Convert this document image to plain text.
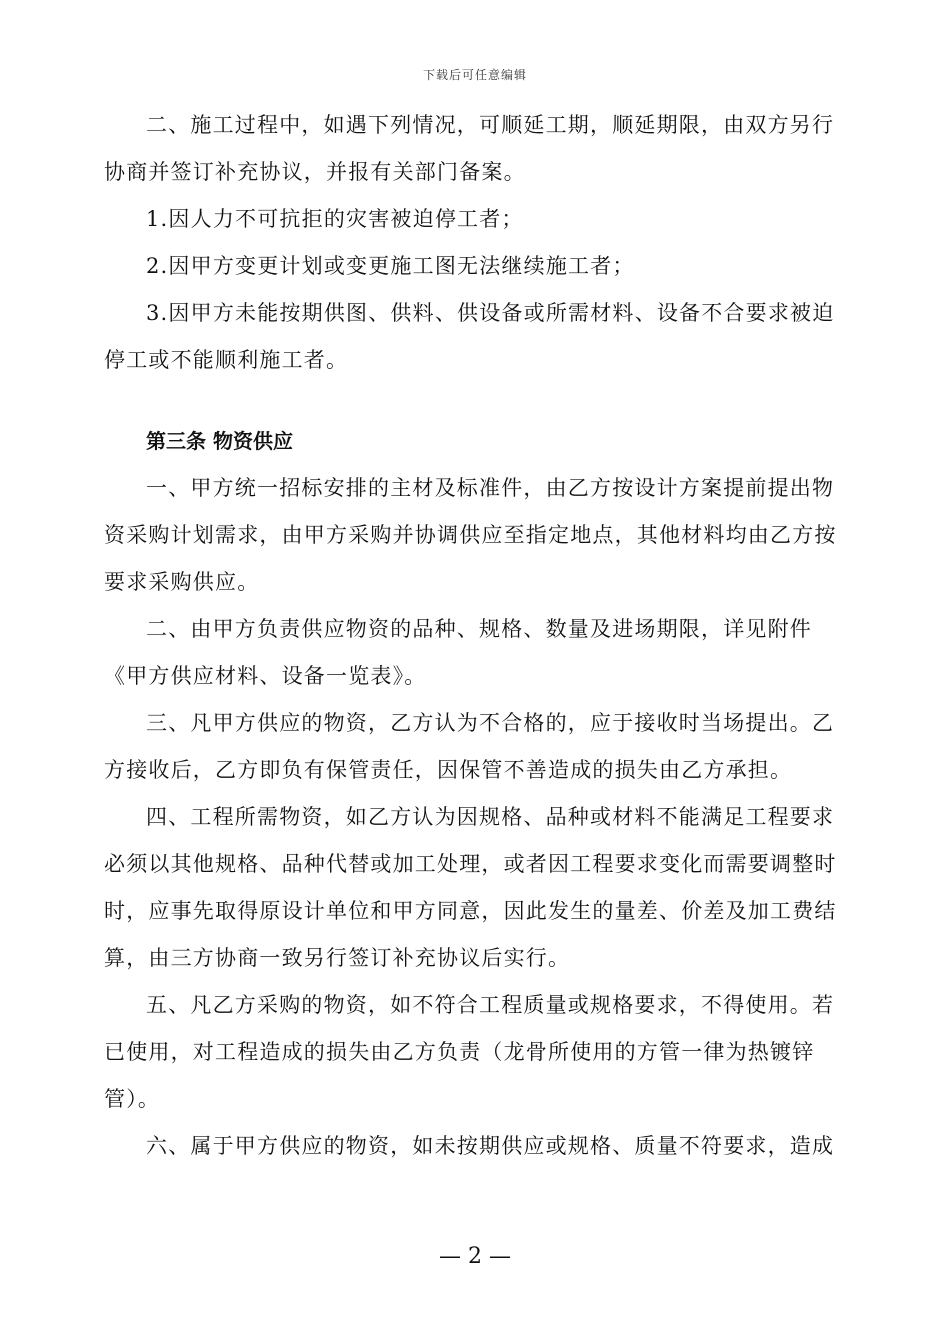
下载后可任意编辑

二、施工过程中，如遇下列情况，可顺延工期，顺延期限，由双方另行
协商并签订补充协议，并报有关部门备案。

1.因人力不可抗拒的灾害被迫停工者；

2.因甲方变更计划或变更施工图无法继续施工者；

3.因甲方未能按期供图、供料、供设备或所需材料、设备不合要求被迫
停工或不能顺利施工者。

第三条 物资供应

一、甲方统一招标安排的主材及标准件，由乙方按设计方案提前提出物
资采购计划需求，由甲方采购并协调供应至指定地点，其他材料均由乙方按
要求采购供应。

二、由甲方负责供应物资的品种、规格、数量及进场期限，详见附件
《甲方供应材料、设备一览表》。

三、凡甲方供应的物资，乙方认为不合格的，应于接收时当场提出。乙
方接收后，乙方即负有保管责任，因保管不善造成的损失由乙方承担。

四、工程所需物资，如乙方认为因规格、品种或材料不能满足工程要求
必须以其他规格、品种代替或加工处理，或者因工程要求变化而需要调整时
时，应事先取得原设计单位和甲方同意，因此发生的量差、价差及加工费结
算，由三方协商一致另行签订补充协议后实行。

五、凡乙方采购的物资，如不符合工程质量或规格要求，不得使用。若
已使用，对工程造成的损失由乙方负责（龙骨所使用的方管一律为热镀锌
管）。

六、属于甲方供应的物资，如未按期供应或规格、质量不符要求，造成

— 2 —
